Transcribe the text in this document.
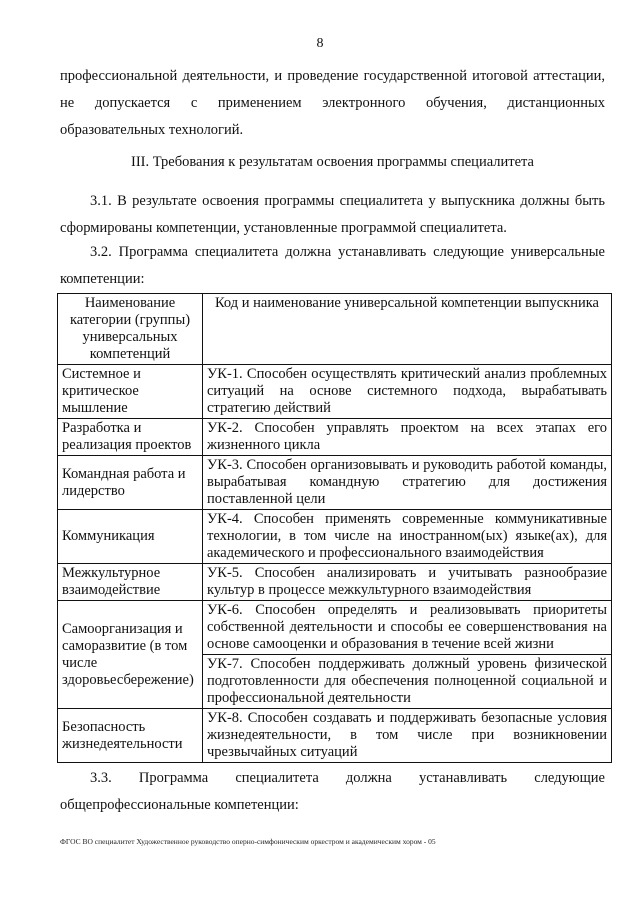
8

профессиональной деятельности, и проведение государственной итоговой аттестации, не допускается с применением электронного обучения, дистанционных образовательных технологий.

III. Требования к результатам освоения программы специалитета

3.1. В результате освоения программы специалитета у выпускника должны быть сформированы компетенции, установленные программой специалитета.

3.2. Программа специалитета должна устанавливать следующие универсальные компетенции:

Наименование категории (группы) универсальных компетенций	Код и наименование универсальной компетенции выпускника
Системное и критическое мышление	УК-1. Способен осуществлять критический анализ проблемных ситуаций на основе системного подхода, вырабатывать стратегию действий
Разработка и реализация проектов	УК-2. Способен управлять проектом на всех этапах его жизненного цикла
Командная работа и лидерство	УК-3. Способен организовывать и руководить работой команды, вырабатывая командную стратегию для достижения поставленной цели
Коммуникация	УК-4. Способен применять современные коммуникативные технологии, в том числе на иностранном(ых) языке(ах), для академического и профессионального взаимодействия
Межкультурное взаимодействие	УК-5. Способен анализировать и учитывать разнообразие культур в процессе межкультурного взаимодействия
Самоорганизация и саморазвитие (в том числе здоровьесбережение)	УК-6. Способен определять и реализовывать приоритеты собственной деятельности и способы ее совершенствования на основе самооценки и образования в течение всей жизни
	УК-7. Способен поддерживать должный уровень физической подготовленности для обеспечения полноценной социальной и профессиональной деятельности
Безопасность жизнедеятельности	УК-8. Способен создавать и поддерживать безопасные условия жизнедеятельности, в том числе при возникновении чрезвычайных ситуаций

3.3. Программа специалитета должна устанавливать следующие общепрофессиональные компетенции:

ФГОС ВО специалитет Художественное руководство оперно-симфоническим оркестром и академическим хором - 05
